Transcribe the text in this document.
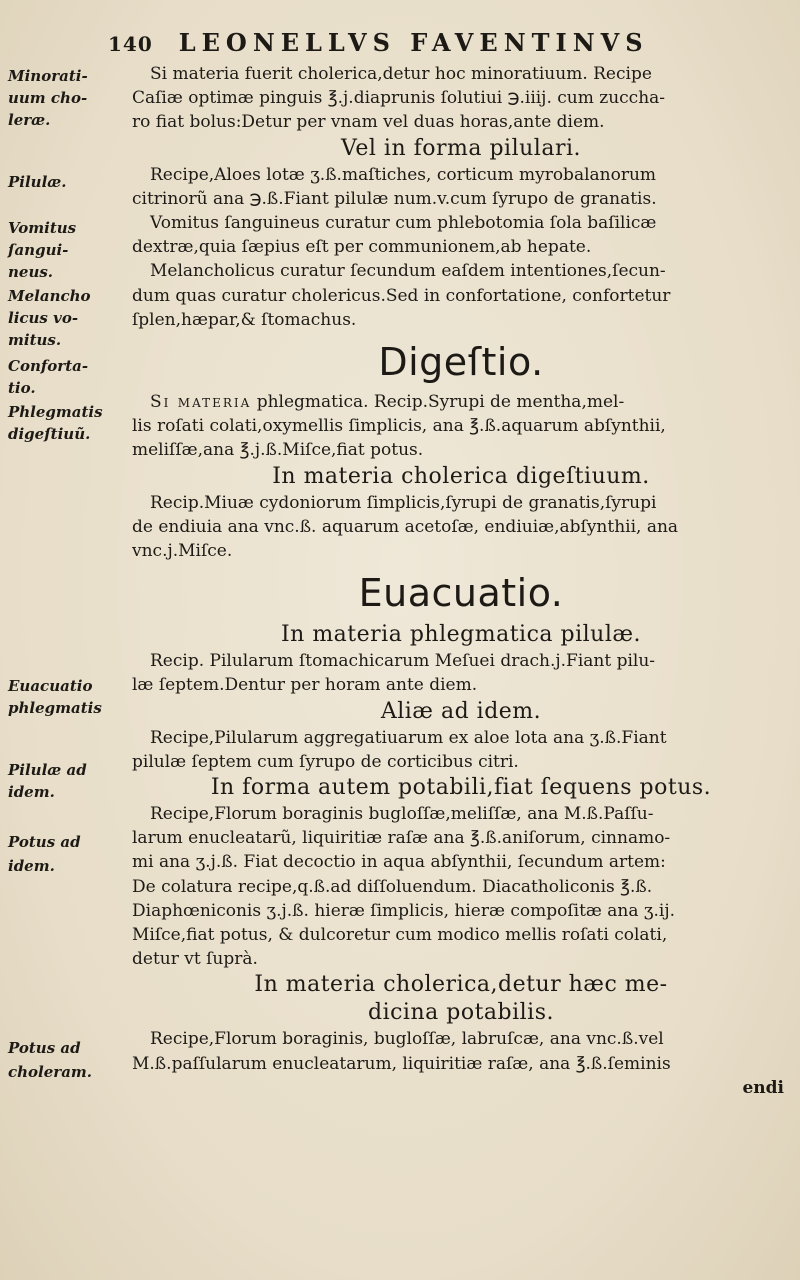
140 LEONELLVS FAVENTINVS
Minorati-
uum cho-
leræ.
Pilulæ.
Vomitus
ſangui-
neus.
Melancho
licus vo-
mitus.
Conforta-
tio.
Phlegmatis
digeſtiuũ.
Euacuatio
phlegmatis
Pilulæ ad
idem.
Potus ad
idem.
Potus ad
choleram.
Si materia fuerit cholerica,detur hoc minoratiuum. Recipe
Caſiæ optimæ pinguis ℥.j.diaprunis ſolutiui ℈.iiij. cum zuccha-
ro fiat bolus:Detur per vnam vel duas horas,ante diem.
Vel in forma pilulari.
Recipe,Aloes lotæ ʒ.ß.maſtiches, corticum myrobalanorum
citrinorũ ana ℈.ß.Fiant pilulæ num.v.cum ſyrupo de granatis.
Vomitus ſanguineus curatur cum phlebotomia ſola baſilicæ
dextræ,quia ſæpius eſt per communionem,ab hepate.
Melancholicus curatur ſecundum eaſdem intentiones,ſecun-
dum quas curatur cholericus.Sed in confortatione, confortetur
ſplen,hæpar,& ſtomachus.
Digeſtio.
Si materia phlegmatica. Recip.Syrupi de mentha,mel-
lis roſati colati,oxymellis ſimplicis, ana ℥.ß.aquarum abſynthii,
meliſſæ,ana ℥.j.ß.Miſce,fiat potus.
In materia cholerica digeſtiuum.
Recip.Miuæ cydoniorum ſimplicis,ſyrupi de granatis,ſyrupi
de endiuia ana vnc.ß. aquarum acetoſæ, endiuiæ,abſynthii, ana
vnc.j.Miſce.
Euacuatio.
In materia phlegmatica pilulæ.
Recip. Pilularum ſtomachicarum Meſuei drach.j.Fiant pilu-
læ ſeptem.Dentur per horam ante diem.
Aliæ ad idem.
Recipe,Pilularum aggregatiuarum ex aloe lota ana ʒ.ß.Fiant
pilulæ ſeptem cum ſyrupo de corticibus citri.
In forma autem potabili,fiat ſequens potus.
Recipe,Florum boraginis bugloſſæ,meliſſæ, ana M.ß.Paſſu-
larum enucleatarũ, liquiritiæ raſæ ana ℥.ß.aniſorum, cinnamo-
mi ana ʒ.j.ß. Fiat decoctio in aqua abſynthii, ſecundum artem:
De colatura recipe,q.ß.ad diſſoluendum. Diacatholiconis ℥.ß.
Diaphœniconis ʒ.j.ß. hieræ ſimplicis, hieræ compoſitæ ana ʒ.ij.
Miſce,fiat potus, & dulcoretur cum modico mellis roſati colati,
detur vt ſuprà.
In materia cholerica,detur hæc me-
dicina potabilis.
Recipe,Florum boraginis, bugloſſæ, labruſcæ, ana vnc.ß.vel
M.ß.paſſularum enucleatarum, liquiritiæ raſæ, ana ℥.ß.ſeminis
endi
